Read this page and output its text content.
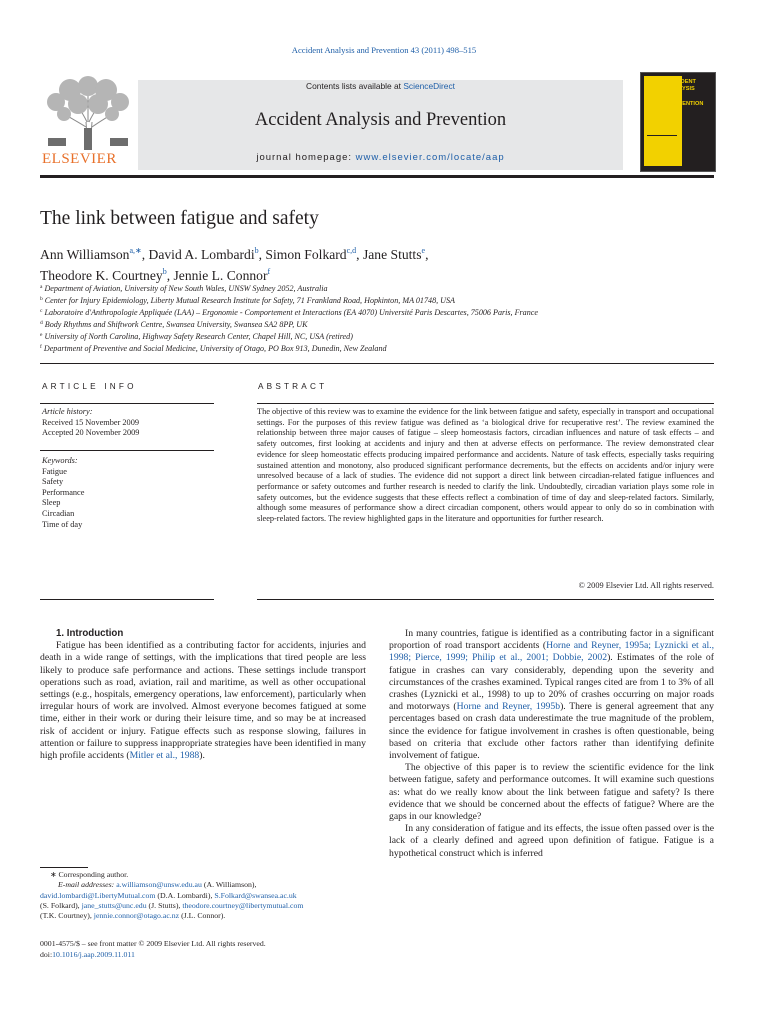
Accident Analysis and Prevention 43 (2011) 498–515
ELSEVIER
Contents lists available at ScienceDirect
Accident Analysis and Prevention
journal homepage: www.elsevier.com/locate/aap
ACCIDENT
ANALYSIS
&
PREVENTION
The link between fatigue and safety
Ann Williamson$^{a,∗}$, David A. Lombardi$^b$, Simon Folkard$^{c,d}$, Jane Stutts$^e$,
Theodore K. Courtney$^b$, Jennie L. Connor$^f$
$^a$ Department of Aviation, University of New South Wales, UNSW Sydney 2052, Australia
$^b$ Center for Injury Epidemiology, Liberty Mutual Research Institute for Safety, 71 Frankland Road, Hopkinton, MA 01748, USA
$^c$ Laboratoire d'Anthropologie Appliquée (LAA) – Ergonomie - Comportement et Interactions (EA 4070) Université Paris Descartes, 75006 Paris, France
$^d$ Body Rhythms and Shiftwork Centre, Swansea University, Swansea SA2 8PP, UK
$^e$ University of North Carolina, Highway Safety Research Center, Chapel Hill, NC, USA (retired)
$^f$ Department of Preventive and Social Medicine, University of Otago, PO Box 913, Dunedin, New Zealand
ARTICLE INFO
Article history:
Received 15 November 2009
Accepted 20 November 2009
Keywords:
Fatigue
Safety
Performance
Sleep
Circadian
Time of day
ABSTRACT
The objective of this review was to examine the evidence for the link between fatigue and safety, especially in transport and occupational settings. For the purposes of this review fatigue was defined as ‘a biological drive for recuperative rest’. The review examined the relationship between three major causes of fatigue – sleep homeostasis factors, circadian influences and nature of task effects – and safety outcomes, first looking at accidents and injury and then at adverse effects on performance. The review demonstrated clear evidence for sleep homeostatic effects producing impaired performance and accidents. Nature of task effects, especially tasks requiring sustained attention and monotony, also produced significant performance decrements, but the effects on accidents and/or injury were unresolved because of a lack of studies. The evidence did not support a direct link between circadian-related fatigue influences and performance or safety outcomes and further research is needed to clarify the link. Undoubtedly, circadian variation plays some role in safety outcomes, but the evidence suggests that these effects reflect a combination of time of day and sleep-related factors. Similarly, although some measures of performance show a direct circadian component, others would appear to only do so in combination with sleep-related factors. The review highlighted gaps in the literature and opportunities for further research.
© 2009 Elsevier Ltd. All rights reserved.

1. Introduction

Fatigue has been identified as a contributing factor for accidents, injuries and death in a wide range of settings, with the implications that tired people are less likely to produce safe performance and actions. These settings include transport operations such as road, aviation, rail and maritime, as well as other occupational settings (e.g., hospitals, emergency operations, law enforcement), particularly when irregular hours of work are involved. Almost everyone becomes fatigued at some time, either in their work or during their leisure time, and so may be at increased risk of accident or injury. Fatigue effects such as response slowing, failures in attention or failure to suppress inappropriate strategies have been identified in many high profile accidents (Mitler et al., 1988).

In many countries, fatigue is identified as a contributing factor in a significant proportion of road transport accidents (Horne and Reyner, 1995a; Lyznicki et al., 1998; Pierce, 1999; Philip et al., 2001; Dobbie, 2002). Estimates of the role of fatigue in crashes can vary considerably, depending upon the severity and circumstances of the crashes examined. Typical ranges cited are from 1 to 3% of all crashes (Lyznicki et al., 1998) to up to 20% of crashes occurring on major roads and motorways (Horne and Reyner, 1995b). There is general agreement that any percentages based on crash data underestimate the true magnitude of the problem, since the evidence for fatigue involvement in crashes is often questionable, being based on criteria that exclude other factors rather than identifying definite involvement of fatigue.

The objective of this paper is to review the scientific evidence for the link between fatigue, safety and performance outcomes. It will examine such questions as: what do we really know about the link between fatigue and safety? Is there evidence that we should be concerned about the effects of fatigue? Where are the gaps in our knowledge?

In any consideration of fatigue and its effects, the issue often passed over is the lack of a clearly defined and agreed upon definition of fatigue. Fatigue is a hypothetical construct which is inferred

∗ Corresponding author.
E-mail addresses: a.williamson@unsw.edu.au (A. Williamson),
david.lombardi@LibertyMutual.com (D.A. Lombardi), S.Folkard@swansea.ac.uk
(S. Folkard), jane_stutts@unc.edu (J. Stutts), theodore.courtney@libertymutual.com
(T.K. Courtney), jennie.connor@otago.ac.nz (J.L. Connor).
0001-4575/$ – see front matter © 2009 Elsevier Ltd. All rights reserved.
doi:10.1016/j.aap.2009.11.011
